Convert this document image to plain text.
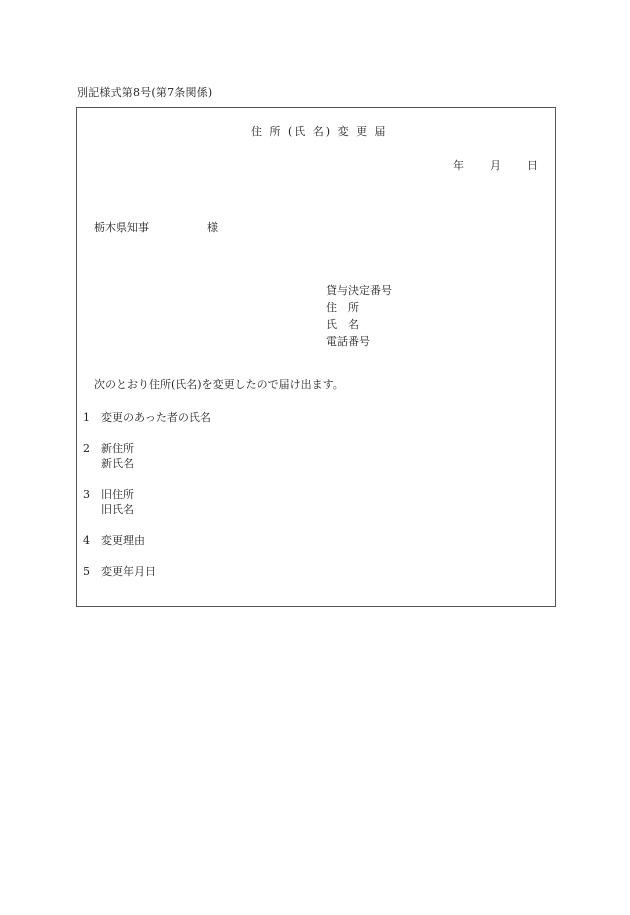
別記様式第8号(第7条関係)
住 所 (氏 名) 変 更 届
年 月 日
栃木県知事	様
貸与決定番号
住　所
氏　名
電話番号
次のとおり住所(氏名)を変更したので届け出ます。
1 変更のあった者の氏名
2 新住所
新氏名
3 旧住所
旧氏名
4 変更理由
5 変更年月日
